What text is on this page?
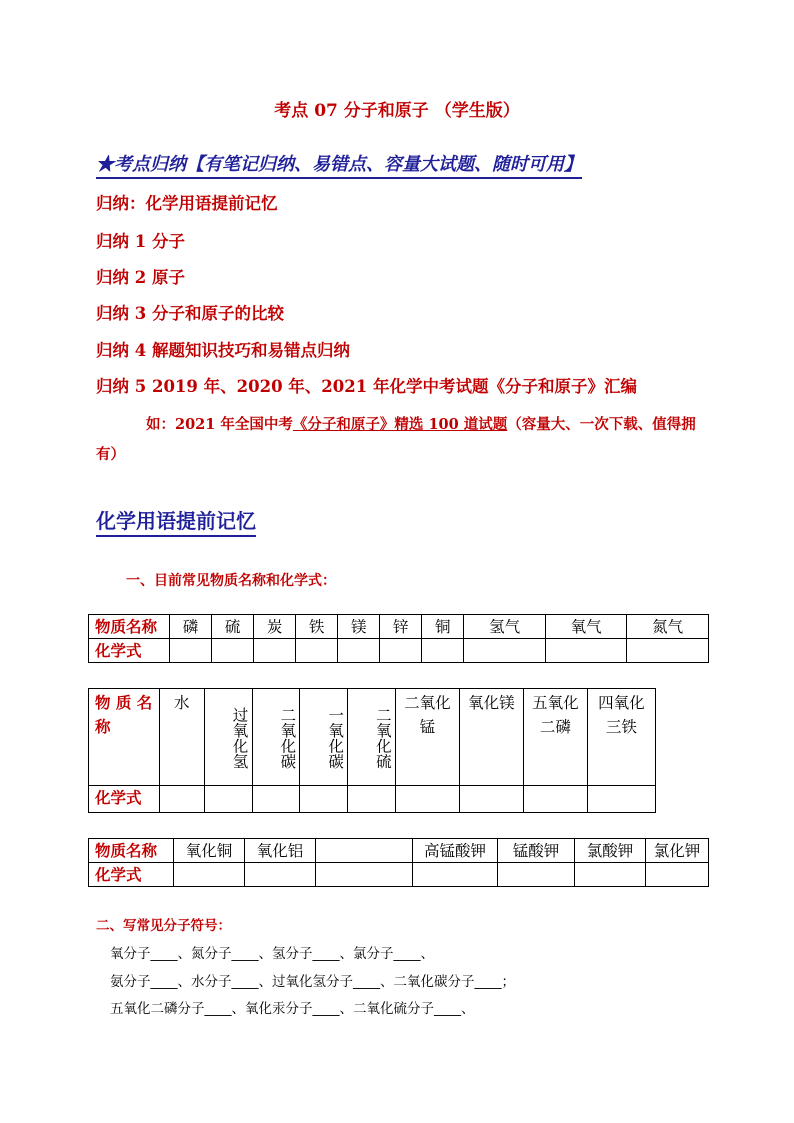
考点 07 分子和原子 （学生版）
★考点归纳【有笔记归纳、易错点、容量大试题、随时可用】
归纳：化学用语提前记忆
归纳 1 分子
归纳 2 原子
归纳 3 分子和原子的比较
归纳 4 解题知识技巧和易错点归纳
归纳 5 2019 年、2020 年、2021 年化学中考试题《分子和原子》汇编
如：2021 年全国中考《分子和原子》精选 100 道试题（容量大、一次下载、值得拥有）
化学用语提前记忆
一、目前常见物质名称和化学式：
物质名称	磷	硫	炭	铁	镁	锌	铜	氢气	氧气	氮气
化学式										
物 质 名 称	水	过氧化氢	二氧化碳	一氧化碳	二氧化硫	二氧化锰	氧化镁	五氧化二磷	四氧化三铁
化学式									
物质名称	氧化铜	氧化铝		高锰酸钾	锰酸钾	氯酸钾	氯化钾
化学式							
二、写常见分子符号：
氧分子____、氮分子____、氢分子____、氯分子____、
氨分子____、水分子____、过氧化氢分子____、二氧化碳分子____；
五氧化二磷分子____、氧化汞分子____、二氧化硫分子____、
